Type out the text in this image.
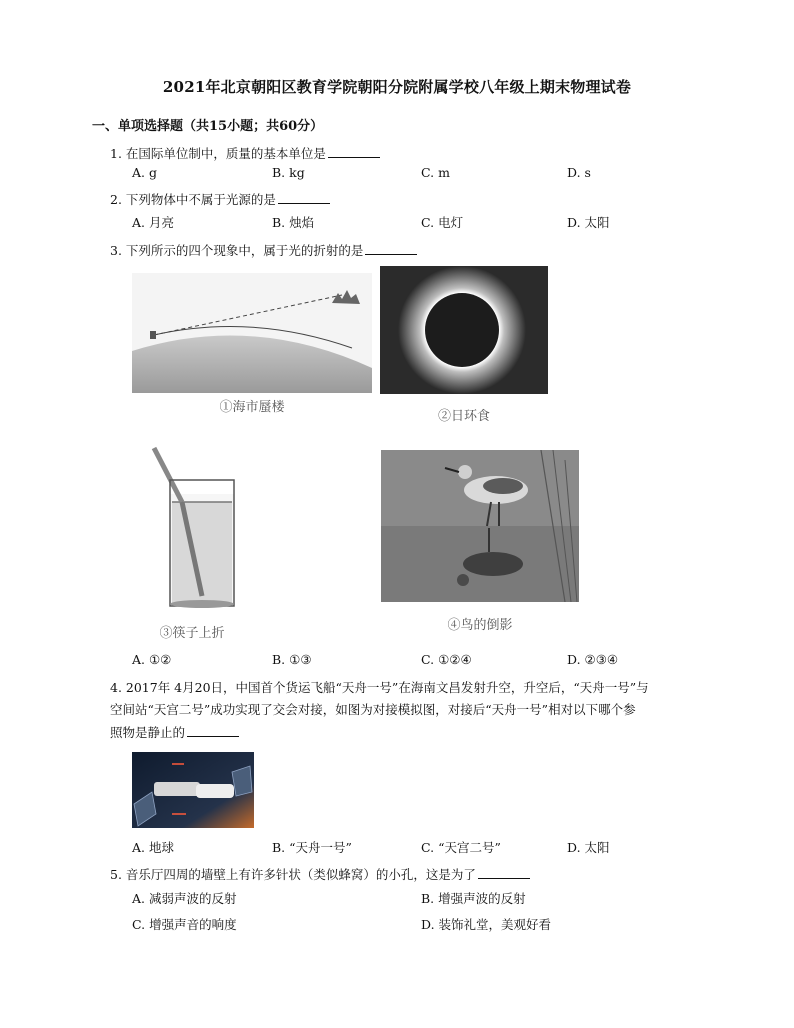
2021年北京朝阳区教育学院朝阳分院附属学校八年级上期末物理试卷
一、单项选择题（共15小题；共60分）
1. 在国际单位制中，质量的基本单位是
A. g	B. kg	C. m	D. s
2. 下列物体中不属于光源的是
A. 月亮	B. 烛焰	C. 电灯	D. 太阳
3. 下列所示的四个现象中，属于光的折射的是
①海市蜃楼
②日环食
③筷子上折
④鸟的倒影
A. ①②	B. ①③	C. ①②④	D. ②③④
4. 2017年 4月20日，中国首个货运飞船“天舟一号”在海南文昌发射升空，升空后，“天舟一号”与
空间站“天宫二号”成功实现了交会对接，如图为对接模拟图，对接后“天舟一号”相对以下哪个参
照物是静止的
A. 地球	B. “天舟一号”	C. “天宫二号”	D. 太阳
5. 音乐厅四周的墙壁上有许多针状（类似蜂窝）的小孔，这是为了
A. 减弱声波的反射	B. 增强声波的反射
C. 增强声音的响度	D. 装饰礼堂，美观好看
